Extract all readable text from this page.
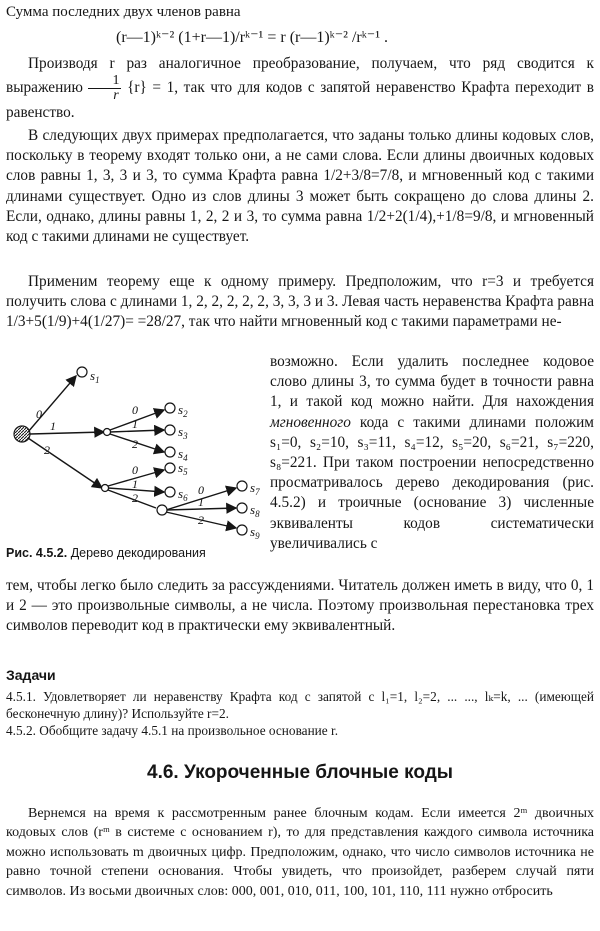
Сумма последних двух членов равна
(r—1)ᵏ⁻² (1+r—1)/rᵏ⁻¹ = r (r—1)ᵏ⁻² /rᵏ⁻¹ .

Производя r раз аналогичное преобразование, получаем, что ряд сводится к выражению $\frac{1}{r} \{r\} = 1$, так что для кодов с запятой неравенство Крафта переходит в равенство.

В следующих двух примерах предполагается, что заданы только длины кодовых слов, поскольку в теорему входят только они, а не сами слова. Если длины двоичных кодовых слов равны 1, 3, 3 и 3, то сумма Крафта равна 1/2+3/8=7/8, и мгновенный код с такими длинами существует. Одно из слов длины 3 может быть сокращено до слова длины 2. Если, однако, длины равны 1, 2, 2 и 3, то сумма равна 1/2+2(1/4),+1/8=9/8, и мгновенный код с такими длинами не существует.

Применим теорему еще к одному примеру. Предположим, что r=3 и требуется получить слова с длинами 1, 2, 2, 2, 2, 2, 3, 3, 3 и 3. Левая часть неравенства Крафта равна 1/3+5(1/9)+4(1/27)= =28/27, так что найти мгновенный код с такими параметрами не-

$s_1$
$s_2$
$s_3$
$s_4$
$s_5$
$s_6$
$s_7$
$s_8$
$s_9$
0
1
2
0
1
2
0
1
2
0
1
2
Рис. 4.5.2. Дерево декодирования

возможно. Если удалить последнее кодовое слово длины 3, то сумма будет в точности равна 1, и такой код можно найти. Для нахождения мгновенного кода с такими длинами положим s₁=0, s₂=10, s₃=11, s₄=12, s₅=20, s₆=21, s₇=220, s₈=221. При таком построении непосредственно просматривалось дерево декодирования (рис. 4.5.2) и троичные (основание 3) численные эквиваленты кодов систематически увеличивались с

тем, чтобы легко было следить за рассуждениями. Читатель должен иметь в виду, что 0, 1 и 2 — это произвольные символы, а не числа. Поэтому произвольная перестановка трех символов переводит код в практически ему эквивалентный.

Задачи

4.5.1. Удовлетворяет ли неравенству Крафта код с запятой с l₁=1, l₂=2, ... ..., lₖ=k, ... (имеющей бесконечную длину)? Используйте r=2.

4.5.2. Обобщите задачу 4.5.1 на произвольное основание r.

4.6. Укороченные блочные коды

Вернемся на время к рассмотренным ранее блочным кодам. Если имеется 2ᵐ двоичных кодовых слов (rᵐ в системе с основанием r), то для представления каждого символа источника можно использовать m двоичных цифр. Предположим, однако, что число символов источника не равно точной степени основания. Чтобы увидеть, что произойдет, разберем случай пяти символов. Из восьми двоичных слов: 000, 001, 010, 011, 100, 101, 110, 111 нужно отбросить
